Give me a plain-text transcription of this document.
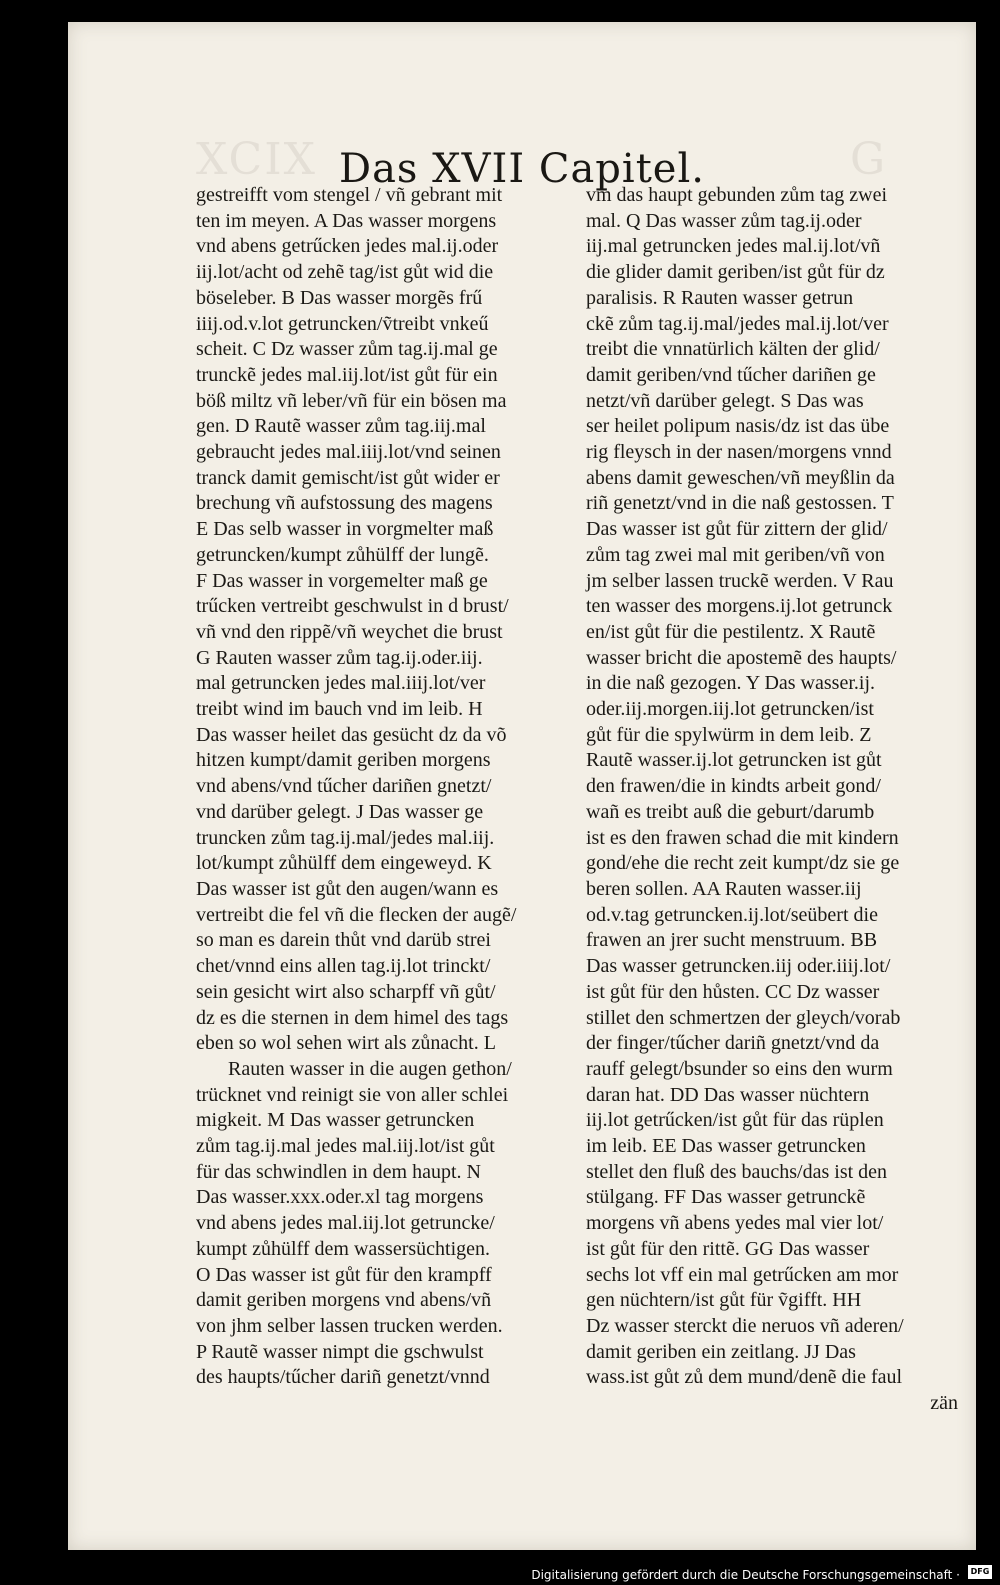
XCIX	G
Das XVII Capitel.
gestreifft vom stengel / vñ gebrant mit
ten im meyen. A Das wasser morgens
vnd abens getrűcken jedes mal.ij.oder
iij.lot/acht od zehẽ tag/ist gůt wid die
böseleber. B Das wasser morgẽs frű
iiij.od.v.lot getruncken/ṽtreibt vnkeű
scheit. C Dz wasser zům tag.ij.mal ge
trunckẽ jedes mal.iij.lot/ist gůt für ein
böß miltz vñ leber/vñ für ein bösen ma
gen. D Rautẽ wasser zům tag.iij.mal
gebraucht jedes mal.iiij.lot/vnd seinen
tranck damit gemischt/ist gůt wider er
brechung vñ aufstossung des magens
E Das selb wasser in vorgmelter maß
getruncken/kumpt zůhülff der lungẽ.
F Das wasser in vorgemelter maß ge
trűcken vertreibt geschwulst in d brust/
vñ vnd den rippẽ/vñ weychet die brust
G Rauten wasser zům tag.ij.oder.iij.
mal getruncken jedes mal.iiij.lot/ver
treibt wind im bauch vnd im leib. H
Das wasser heilet das gesücht dz da võ
hitzen kumpt/damit geriben morgens
vnd abens/vnd tűcher dariñen gnetzt/
vnd darüber gelegt. J Das wasser ge
truncken zům tag.ij.mal/jedes mal.iij.
lot/kumpt zůhülff dem eingeweyd. K
Das wasser ist gůt den augen/wann es
vertreibt die fel vñ die flecken der augẽ/
so man es darein thůt vnd darüb strei
chet/vnnd eins allen tag.ij.lot trinckt/
sein gesicht wirt also scharpff vñ gůt/
dz es die sternen in dem himel des tags
eben so wol sehen wirt als zůnacht. L
Rauten wasser in die augen gethon/
trücknet vnd reinigt sie von aller schlei
migkeit. M Das wasser getruncken
zům tag.ij.mal jedes mal.iij.lot/ist gůt
für das schwindlen in dem haupt. N
Das wasser.xxx.oder.xl tag morgens
vnd abens jedes mal.iij.lot getruncke/
kumpt zůhülff dem wassersüchtigen.
O Das wasser ist gůt für den krampff
damit geriben morgens vnd abens/vñ
von jhm selber lassen trucken werden.
P Rautẽ wasser nimpt die gschwulst
des haupts/tűcher dariñ genetzt/vnnd
vm das haupt gebunden zům tag zwei
mal. Q Das wasser zům tag.ij.oder
iij.mal getruncken jedes mal.ij.lot/vñ
die glider damit geriben/ist gůt für dz
paralisis. R Rauten wasser getrun
ckẽ zům tag.ij.mal/jedes mal.ij.lot/ver
treibt die vnnatürlich kälten der glid/
damit geriben/vnd tűcher dariñen ge
netzt/vñ darüber gelegt. S Das was
ser heilet polipum nasis/dz ist das übe
rig fleysch in der nasen/morgens vnnd
abens damit geweschen/vñ meyßlin da
riñ genetzt/vnd in die naß gestossen. T
Das wasser ist gůt für zittern der glid/
zům tag zwei mal mit geriben/vñ von
jm selber lassen truckẽ werden. V Rau
ten wasser des morgens.ij.lot getrunck
en/ist gůt für die pestilentz. X Rautẽ
wasser bricht die apostemẽ des haupts/
in die naß gezogen. Y Das wasser.ij.
oder.iij.morgen.iij.lot getruncken/ist
gůt für die spylwürm in dem leib. Z
Rautẽ wasser.ij.lot getruncken ist gůt
den frawen/die in kindts arbeit gond/
wañ es treibt auß die geburt/darumb
ist es den frawen schad die mit kindern
gond/ehe die recht zeit kumpt/dz sie ge
beren sollen. AA Rauten wasser.iij
od.v.tag getruncken.ij.lot/seübert die
frawen an jrer sucht menstruum. BB
Das wasser getruncken.iij oder.iiij.lot/
ist gůt für den hůsten. CC Dz wasser
stillet den schmertzen der gleych/vorab
der finger/tűcher dariñ gnetzt/vnd da
rauff gelegt/bsunder so eins den wurm
daran hat. DD Das wasser nüchtern
iij.lot getrűcken/ist gůt für das rüplen
im leib. EE Das wasser getruncken
stellet den fluß des bauchs/das ist den
stülgang. FF Das wasser getrunckẽ
morgens vñ abens yedes mal vier lot/
ist gůt für den rittẽ. GG Das wasser
sechs lot vff ein mal getrűcken am mor
gen nüchtern/ist gůt für ṽgifft. HH
Dz wasser sterckt die neruos vñ aderen/
damit geriben ein zeitlang. JJ Das
wass.ist gůt zů dem mund/denẽ die faul
zän
Digitalisierung gefördert durch die Deutsche Forschungsgemeinschaft ·	DFG
